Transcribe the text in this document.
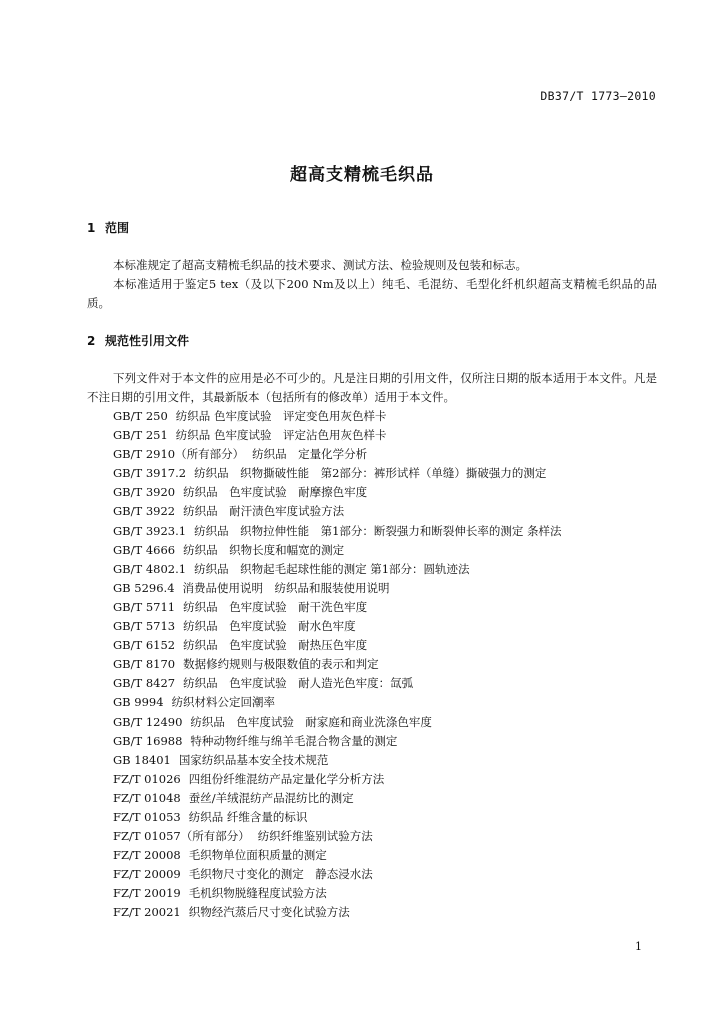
DB37/T 1773—2010
超高支精梳毛织品
1 范围
本标准规定了超高支精梳毛织品的技术要求、测试方法、检验规则及包装和标志。
本标准适用于鉴定5 tex（及以下200 Nm及以上）纯毛、毛混纺、毛型化纤机织超高支精梳毛织品的品质。
2 规范性引用文件
下列文件对于本文件的应用是必不可少的。凡是注日期的引用文件，仅所注日期的版本适用于本文件。凡是不注日期的引用文件，其最新版本（包括所有的修改单）适用于本文件。
GB/T 250 纺织品 色牢度试验　评定变色用灰色样卡
GB/T 251 纺织品 色牢度试验　评定沾色用灰色样卡
GB/T 2910（所有部分） 纺织品　定量化学分析
GB/T 3917.2 纺织品　织物撕破性能　第2部分：裤形试样（单缝）撕破强力的测定
GB/T 3920 纺织品　色牢度试验　耐摩擦色牢度
GB/T 3922 纺织品　耐汗渍色牢度试验方法
GB/T 3923.1 纺织品　织物拉伸性能　第1部分：断裂强力和断裂伸长率的测定 条样法
GB/T 4666 纺织品　织物长度和幅宽的测定
GB/T 4802.1 纺织品　织物起毛起球性能的测定 第1部分：圆轨迹法
GB 5296.4 消费品使用说明　纺织品和服装使用说明
GB/T 5711 纺织品　色牢度试验　耐干洗色牢度
GB/T 5713 纺织品　色牢度试验　耐水色牢度
GB/T 6152 纺织品　色牢度试验　耐热压色牢度
GB/T 8170 数据修约规则与极限数值的表示和判定
GB/T 8427 纺织品　色牢度试验　耐人造光色牢度：氙弧
GB 9994 纺织材料公定回潮率
GB/T 12490 纺织品　色牢度试验　耐家庭和商业洗涤色牢度
GB/T 16988 特种动物纤维与绵羊毛混合物含量的测定
GB 18401 国家纺织品基本安全技术规范
FZ/T 01026 四组份纤维混纺产品定量化学分析方法
FZ/T 01048 蚕丝/羊绒混纺产品混纺比的测定
FZ/T 01053 纺织品 纤维含量的标识
FZ/T 01057（所有部分） 纺织纤维鉴别试验方法
FZ/T 20008 毛织物单位面积质量的测定
FZ/T 20009 毛织物尺寸变化的测定　静态浸水法
FZ/T 20019 毛机织物脱缝程度试验方法
FZ/T 20021 织物经汽蒸后尺寸变化试验方法
1
